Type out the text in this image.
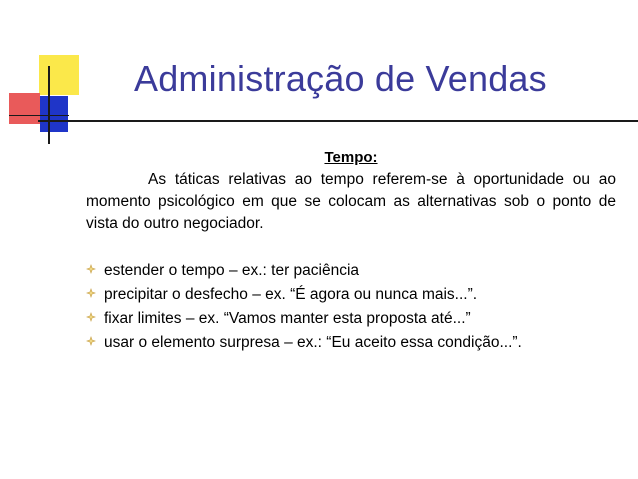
Administração de Vendas

Tempo:

As táticas relativas ao tempo referem-se à oportunidade ou ao momento psicológico em que se colocam as alternativas sob o ponto de vista do outro negociador.

estender o tempo – ex.: ter paciência
precipitar o desfecho – ex. “É agora ou nunca mais...”.
fixar limites – ex. “Vamos manter esta proposta até...”
usar o elemento surpresa – ex.: “Eu aceito essa condição...”.
